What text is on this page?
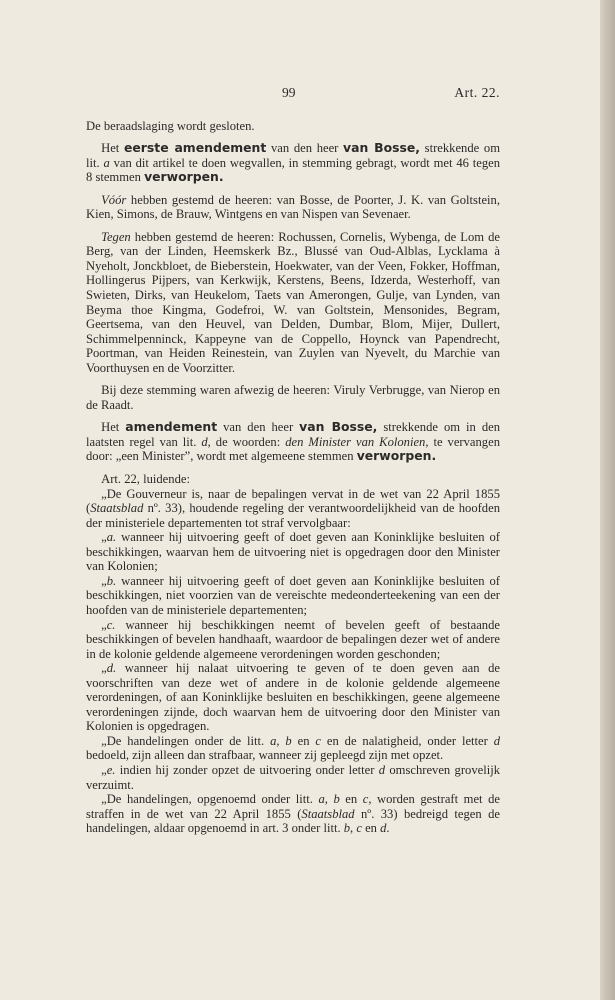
99	Art. 22.

De beraadslaging wordt gesloten.

Het eerste amendement van den heer van Bosse, strekkende om lit. a van dit artikel te doen wegvallen, in stemming gebragt, wordt met 46 tegen 8 stemmen verworpen.

Vóór hebben gestemd de heeren: van Bosse, de Poorter, J. K. van Goltstein, Kien, Simons, de Brauw, Wintgens en van Nispen van Sevenaer.

Tegen hebben gestemd de heeren: Rochussen, Cornelis, Wybenga, de Lom de Berg, van der Linden, Heemskerk Bz., Blussé van Oud-Alblas, Lycklama à Nyeholt, Jonckbloet, de Bieberstein, Hoekwater, van der Veen, Fokker, Hoffman, Hollingerus Pijpers, van Kerkwijk, Kerstens, Beens, Idzerda, Westerhoff, van Swieten, Dirks, van Heukelom, Taets van Amerongen, Gulje, van Lynden, van Beyma thoe Kingma, Godefroi, W. van Goltstein, Mensonides, Begram, Geertsema, van den Heuvel, van Delden, Dumbar, Blom, Mijer, Dullert, Schimmelpenninck, Kappeyne van de Coppello, Hoynck van Papendrecht, Poortman, van Heiden Reinestein, van Zuylen van Nyevelt, du Marchie van Voorthuysen en de Voorzitter.

Bij deze stemming waren afwezig de heeren: Viruly Verbrugge, van Nierop en de Raadt.

Het amendement van den heer van Bosse, strekkende om in den laatsten regel van lit. d, de woorden: den Minister van Kolonien, te vervangen door: „een Minister”, wordt met algemeene stemmen verworpen.

Art. 22, luidende:

„De Gouverneur is, naar de bepalingen vervat in de wet van 22 April 1855 (Staatsblad nº. 33), houdende regeling der verantwoordelijkheid van de hoofden der ministeriele departementen tot straf vervolgbaar:

„a. wanneer hij uitvoering geeft of doet geven aan Koninklijke besluiten of beschikkingen, waarvan hem de uitvoering niet is opgedragen door den Minister van Kolonien;

„b. wanneer hij uitvoering geeft of doet geven aan Koninklijke besluiten of beschikkingen, niet voorzien van de vereischte medeonderteekening van een der hoofden van de ministeriele departementen;

„c. wanneer hij beschikkingen neemt of bevelen geeft of bestaande beschikkingen of bevelen handhaaft, waardoor de bepalingen dezer wet of andere in de kolonie geldende algemeene verordeningen worden geschonden;

„d. wanneer hij nalaat uitvoering te geven of te doen geven aan de voorschriften van deze wet of andere in de kolonie geldende algemeene verordeningen, of aan Koninklijke besluiten en beschikkingen, geene algemeene verordeningen zijnde, doch waarvan hem de uitvoering door den Minister van Kolonien is opgedragen.

„De handelingen onder de litt. a, b en c en de nalatigheid, onder letter d bedoeld, zijn alleen dan strafbaar, wanneer zij gepleegd zijn met opzet.

„e. indien hij zonder opzet de uitvoering onder letter d omschreven grovelijk verzuimt.

„De handelingen, opgenoemd onder litt. a, b en c, worden gestraft met de straffen in de wet van 22 April 1855 (Staatsblad nº. 33) bedreigd tegen de handelingen, aldaar opgenoemd in art. 3 onder litt. b, c en d.
